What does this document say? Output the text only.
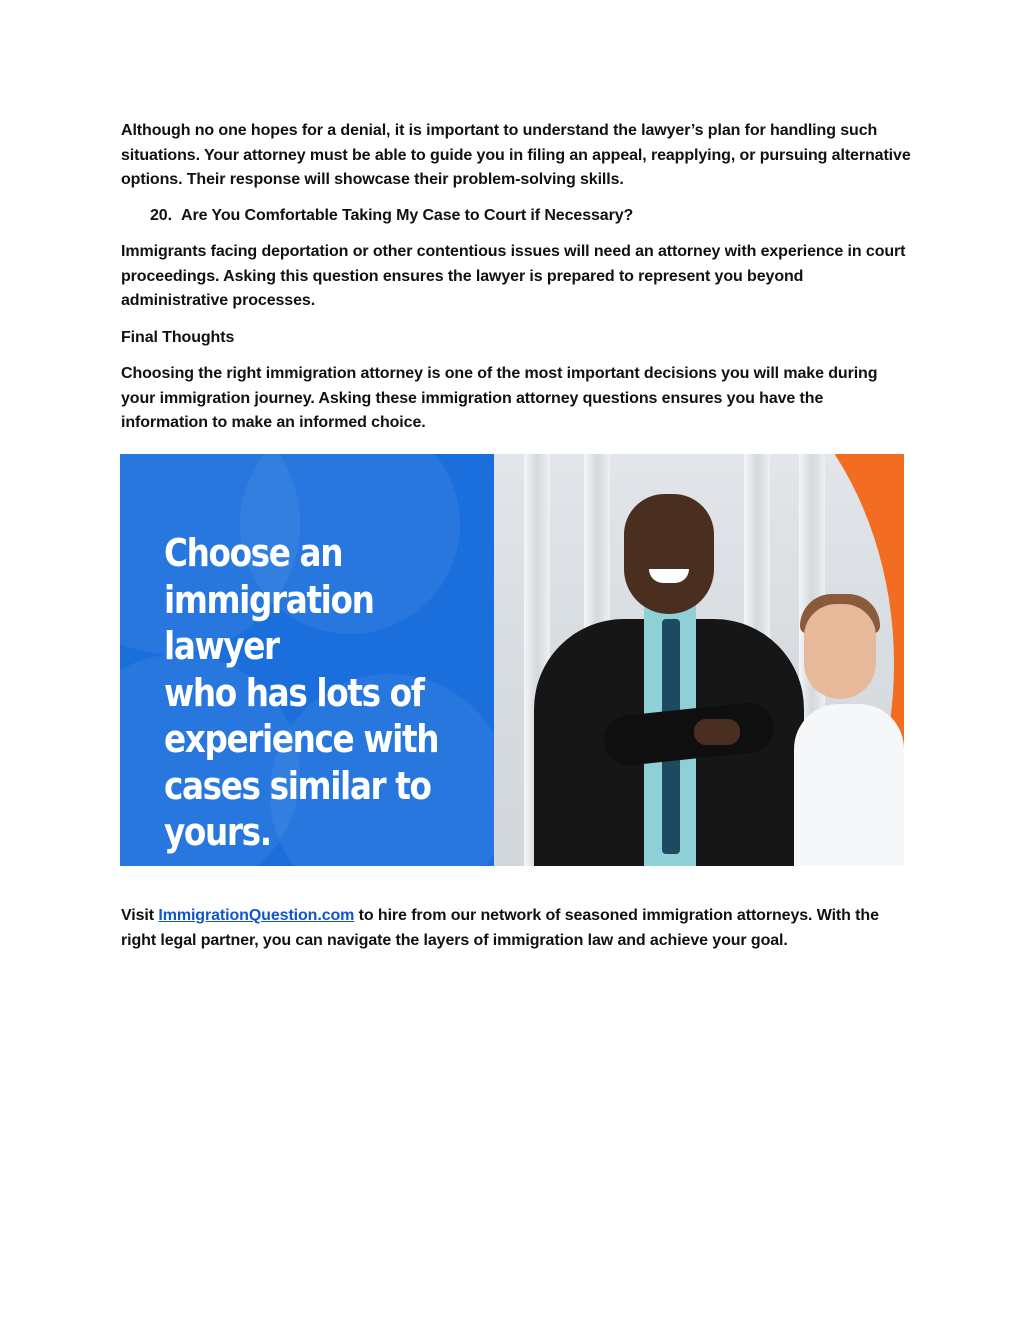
Although no one hopes for a denial, it is important to understand the lawyer’s plan for handling such situations. Your attorney must be able to guide you in filing an appeal, reapplying, or pursuing alternative options. Their response will showcase their problem-solving skills.

20. Are You Comfortable Taking My Case to Court if Necessary?

Immigrants facing deportation or other contentious issues will need an attorney with experience in court proceedings. Asking this question ensures the lawyer is prepared to represent you beyond administrative processes.

Final Thoughts

Choosing the right immigration attorney is one of the most important decisions you will make during your immigration journey. Asking these immigration attorney questions ensures you have the information to make an informed choice.

Choose an
immigration lawyer
who has lots of
experience with
cases similar to
yours.

Visit ImmigrationQuestion.com to hire from our network of seasoned immigration attorneys. With the right legal partner, you can navigate the layers of immigration law and achieve your goal.
